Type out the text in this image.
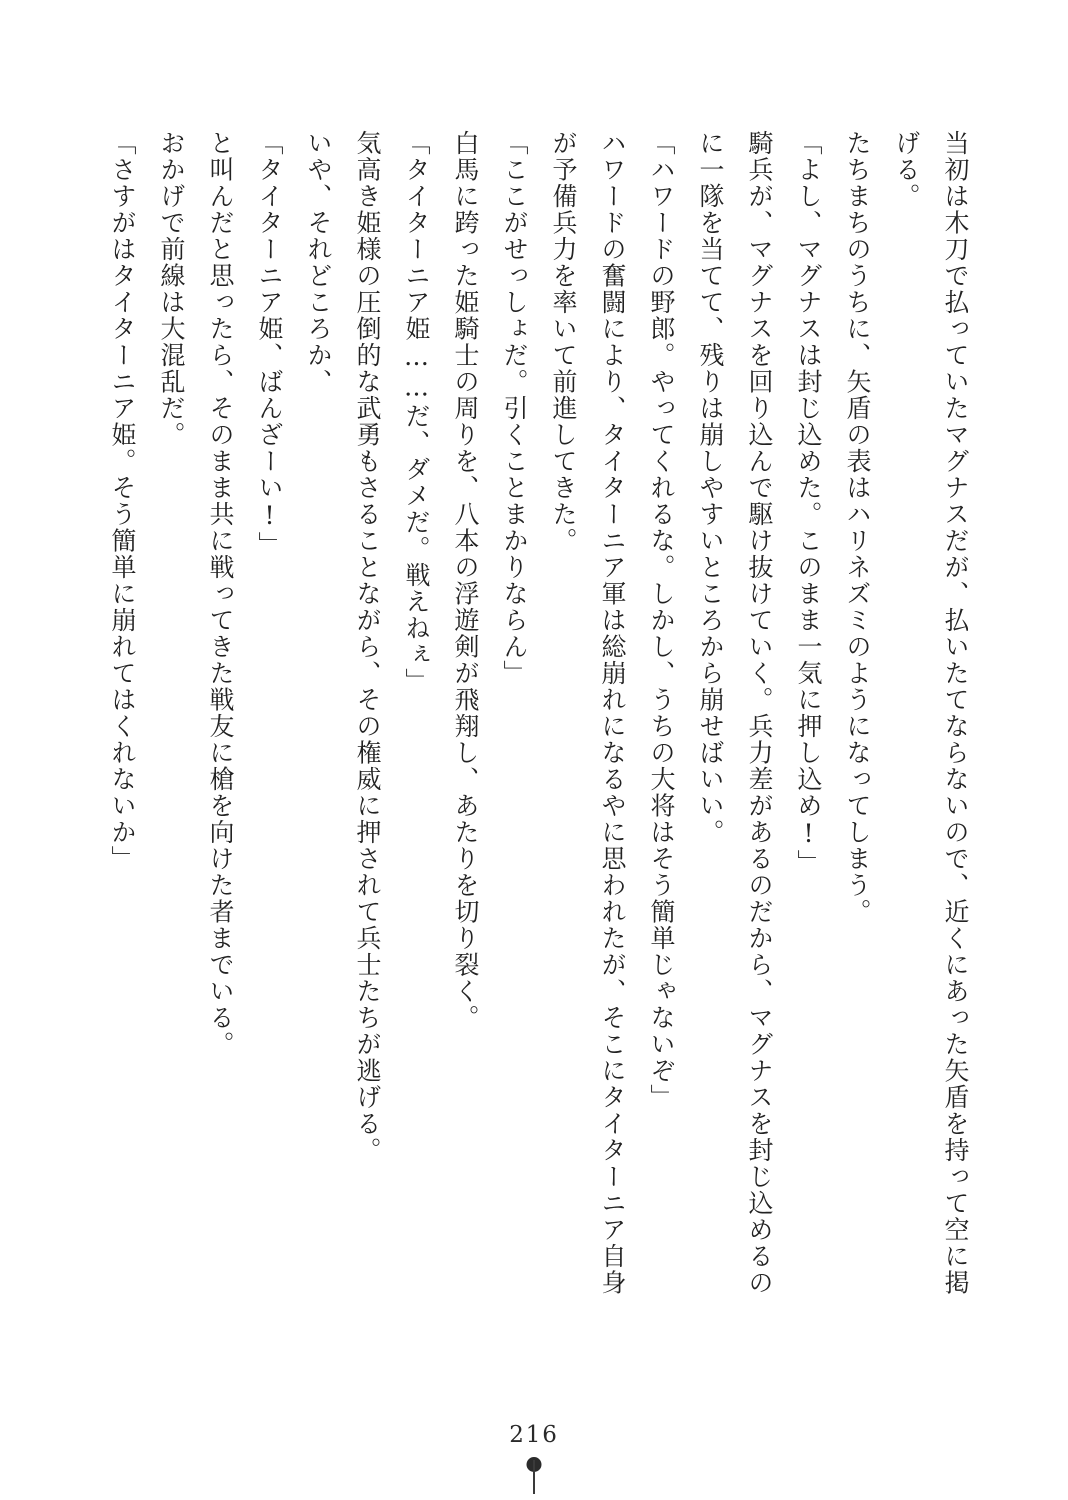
当初は木刀で払っていたマグナスだが、払いたてならないので、近くにあった矢盾を持って空に掲げる。

たちまちのうちに、矢盾の表はハリネズミのようになってしまう。

「よし、マグナスは封じ込めた。このまま一気に押し込め!」

騎兵が、マグナスを回り込んで駆け抜けていく。兵力差があるのだから、マグナスを封じ込めるのに一隊を当てて、残りは崩しやすいところから崩せばいい。

「ハワードの野郎。やってくれるな。しかし、うちの大将はそう簡単じゃないぞ」

ハワードの奮闘により、タイターニア軍は総崩れになるやに思われたが、そこにタイターニア自身が予備兵力を率いて前進してきた。

「ここがせっしょだ。引くことまかりならん」

白馬に跨った姫騎士の周りを、八本の浮遊剣が飛翔し、あたりを切り裂く。

「タイターニア姫……だ、ダメだ。戦えねぇ」

気高き姫様の圧倒的な武勇もさることながら、その権威に押されて兵士たちが逃げる。

いや、それどころか、

「タイターニア姫、ばんざーい!」

と叫んだと思ったら、そのまま共に戦ってきた戦友に槍を向けた者までいる。

おかげで前線は大混乱だ。

「さすがはタイターニア姫。そう簡単に崩れてはくれないか」

216
